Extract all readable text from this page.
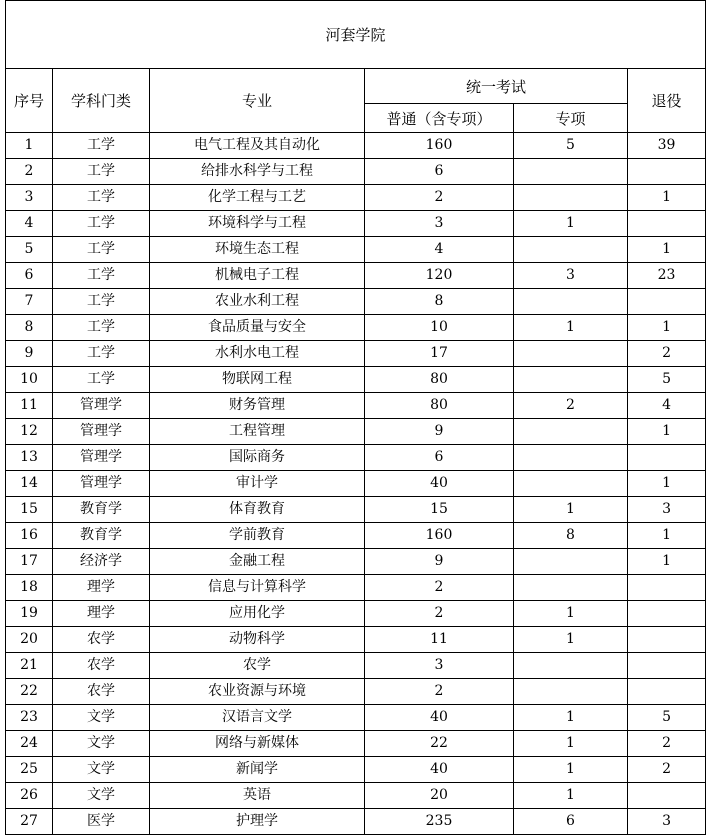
河套学院					
序号	学科门类	专业	统一考试		退役
			普通（含专项）	专项	
1	工学	电气工程及其自动化	160	5	39
2	工学	给排水科学与工程	6		
3	工学	化学工程与工艺	2		1
4	工学	环境科学与工程	3	1	
5	工学	环境生态工程	4		1
6	工学	机械电子工程	120	3	23
7	工学	农业水利工程	8		
8	工学	食品质量与安全	10	1	1
9	工学	水利水电工程	17		2
10	工学	物联网工程	80		5
11	管理学	财务管理	80	2	4
12	管理学	工程管理	9		1
13	管理学	国际商务	6		
14	管理学	审计学	40		1
15	教育学	体育教育	15	1	3
16	教育学	学前教育	160	8	1
17	经济学	金融工程	9		1
18	理学	信息与计算科学	2		
19	理学	应用化学	2	1	
20	农学	动物科学	11	1	
21	农学	农学	3		
22	农学	农业资源与环境	2		
23	文学	汉语言文学	40	1	5
24	文学	网络与新媒体	22	1	2
25	文学	新闻学	40	1	2
26	文学	英语	20	1	
27	医学	护理学	235	6	3
